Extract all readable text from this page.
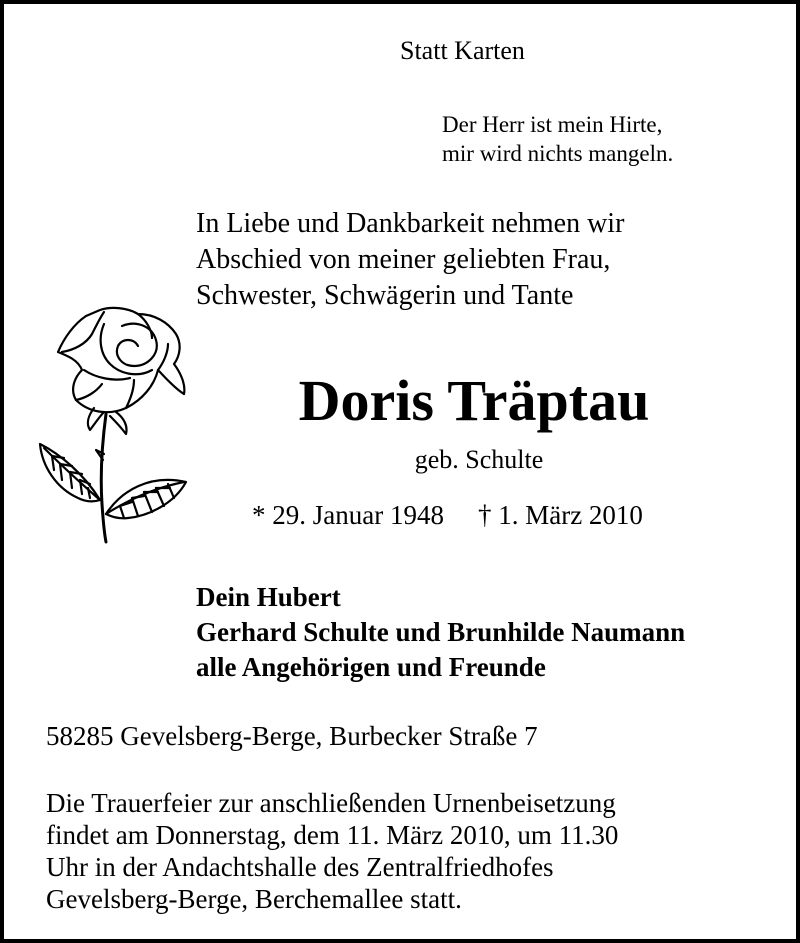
Statt Karten
Der Herr ist mein Hirte,
mir wird nichts mangeln.
In Liebe und Dankbarkeit nehmen wir
Abschied von meiner geliebten Frau,
Schwester, Schwägerin und Tante
Doris Träptau
geb. Schulte
* 29. Januar 1948 † 1. März 2010
Dein Hubert
Gerhard Schulte und Brunhilde Naumann
alle Angehörigen und Freunde
58285 Gevelsberg-Berge, Burbecker Straße 7
Die Trauerfeier zur anschließenden Urnenbeisetzung
findet am Donnerstag, dem 11. März 2010, um 11.30
Uhr in der Andachtshalle des Zentralfriedhofes
Gevelsberg-Berge, Berchemallee statt.
